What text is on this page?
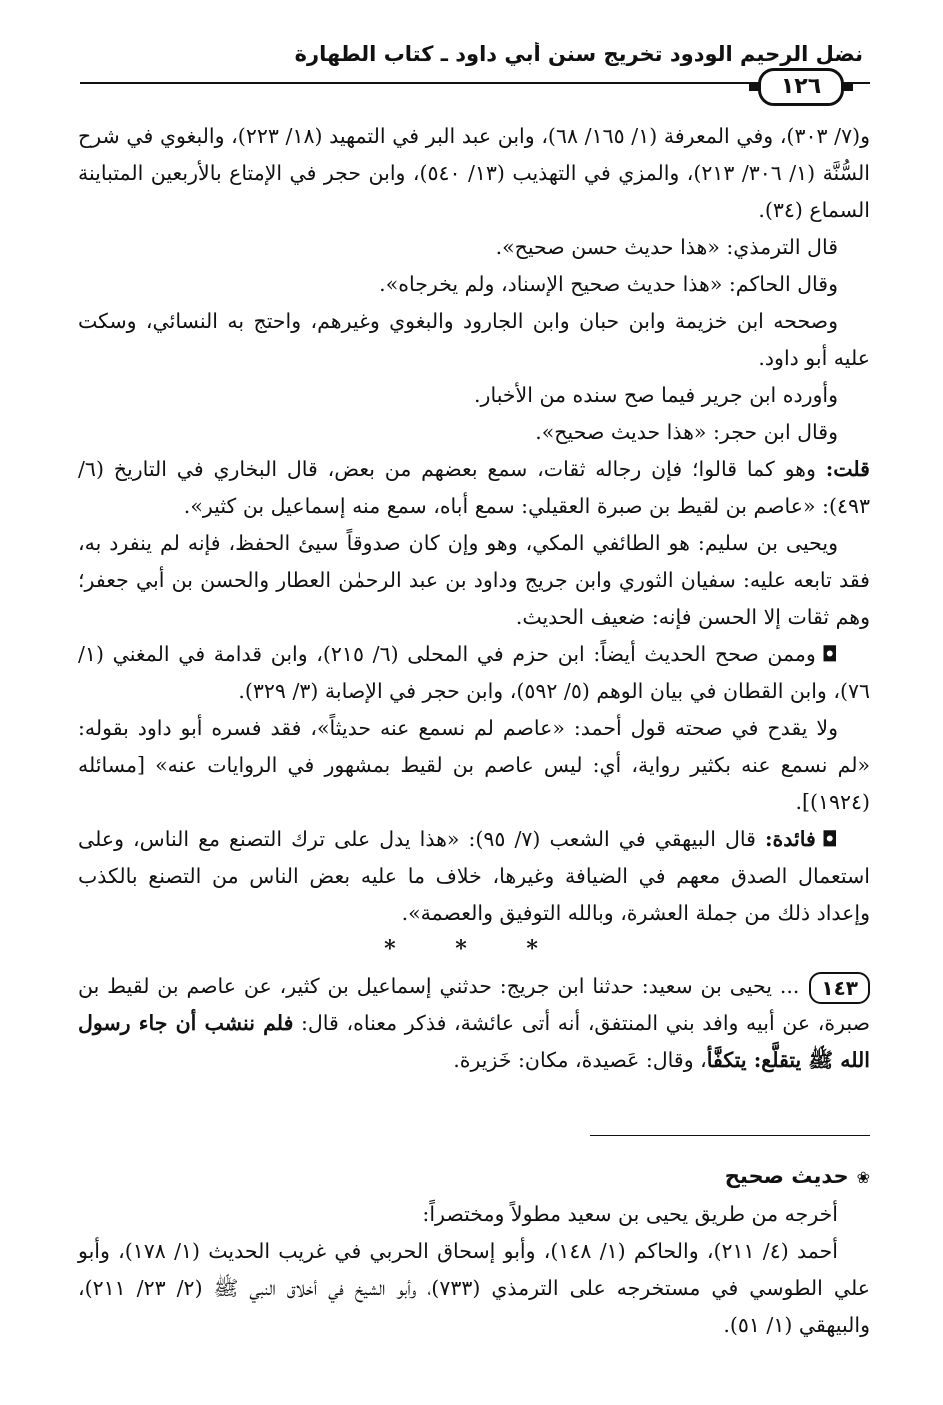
نضل الرحيم الودود تخريج سنن أبي داود ـ كتاب الطهارة
١٢٦

و(٧/ ٣٠٣)، وفي المعرفة (١/ ١٦٥/ ٦٨)، وابن عبد البر في التمهيد (١٨/ ٢٢٣)، والبغوي في شرح السُّنَّة (١/ ٣٠٦/ ٢١٣)، والمزي في التهذيب (١٣/ ٥٤٠)، وابن حجر في الإمتاع بالأربعين المتباينة السماع (٣٤).

قال الترمذي: «هذا حديث حسن صحيح».

وقال الحاكم: «هذا حديث صحيح الإسناد، ولم يخرجاه».

وصححه ابن خزيمة وابن حبان وابن الجارود والبغوي وغيرهم، واحتج به النسائي، وسكت عليه أبو داود.

وأورده ابن جرير فيما صح سنده من الأخبار.

وقال ابن حجر: «هذا حديث صحيح».

قلت: وهو كما قالوا؛ فإن رجاله ثقات، سمع بعضهم من بعض، قال البخاري في التاريخ (٦/ ٤٩٣): «عاصم بن لقيط بن صبرة العقيلي: سمع أباه، سمع منه إسماعيل بن كثير».

ويحيى بن سليم: هو الطائفي المكي، وهو وإن كان صدوقاً سيئ الحفظ، فإنه لم ينفرد به، فقد تابعه عليه: سفيان الثوري وابن جريج وداود بن عبد الرحمٰن العطار والحسن بن أبي جعفر؛ وهم ثقات إلا الحسن فإنه: ضعيف الحديث.

◘وممن صحح الحديث أيضاً: ابن حزم في المحلى (٦/ ٢١٥)، وابن قدامة في المغني (١/ ٧٦)، وابن القطان في بيان الوهم (٥/ ٥٩٢)، وابن حجر في الإصابة (٣/ ٣٢٩).

ولا يقدح في صحته قول أحمد: «عاصم لم نسمع عنه حديثاً»، فقد فسره أبو داود بقوله: «لم نسمع عنه بكثير رواية، أي: ليس عاصم بن لقيط بمشهور في الروايات عنه» [مسائله (١٩٢٤)].

◘فائدة: قال البيهقي في الشعب (٧/ ٩٥): «هذا يدل على ترك التصنع مع الناس، وعلى استعمال الصدق معهم في الضيافة وغيرها، خلاف ما عليه بعض الناس من التصنع بالكذب وإعداد ذلك من جملة العشرة، وبالله التوفيق والعصمة».

* * *

١٤٣... يحيى بن سعيد: حدثنا ابن جريج: حدثني إسماعيل بن كثير، عن عاصم بن لقيط بن صبرة، عن أبيه وافد بني المنتفق، أنه أتى عائشة، فذكر معناه، قال: فلم ننشب أن جاء رسول الله ﷺ يتقلَّع: يتكفَّأ، وقال: عَصيدة، مكان: خَزيرة.

❀حديث صحيح

أخرجه من طريق يحيى بن سعيد مطولاً ومختصراً:

أحمد (٤/ ٢١١)، والحاكم (١/ ١٤٨)، وأبو إسحاق الحربي في غريب الحديث (١/ ١٧٨)، وأبو علي الطوسي في مستخرجه على الترمذي (٧٣٣)، وأبو الشيخ في أخلاق النبي ﷺ (٢/ ٢٣/ ٢١١)، والبيهقي (١/ ٥١).
